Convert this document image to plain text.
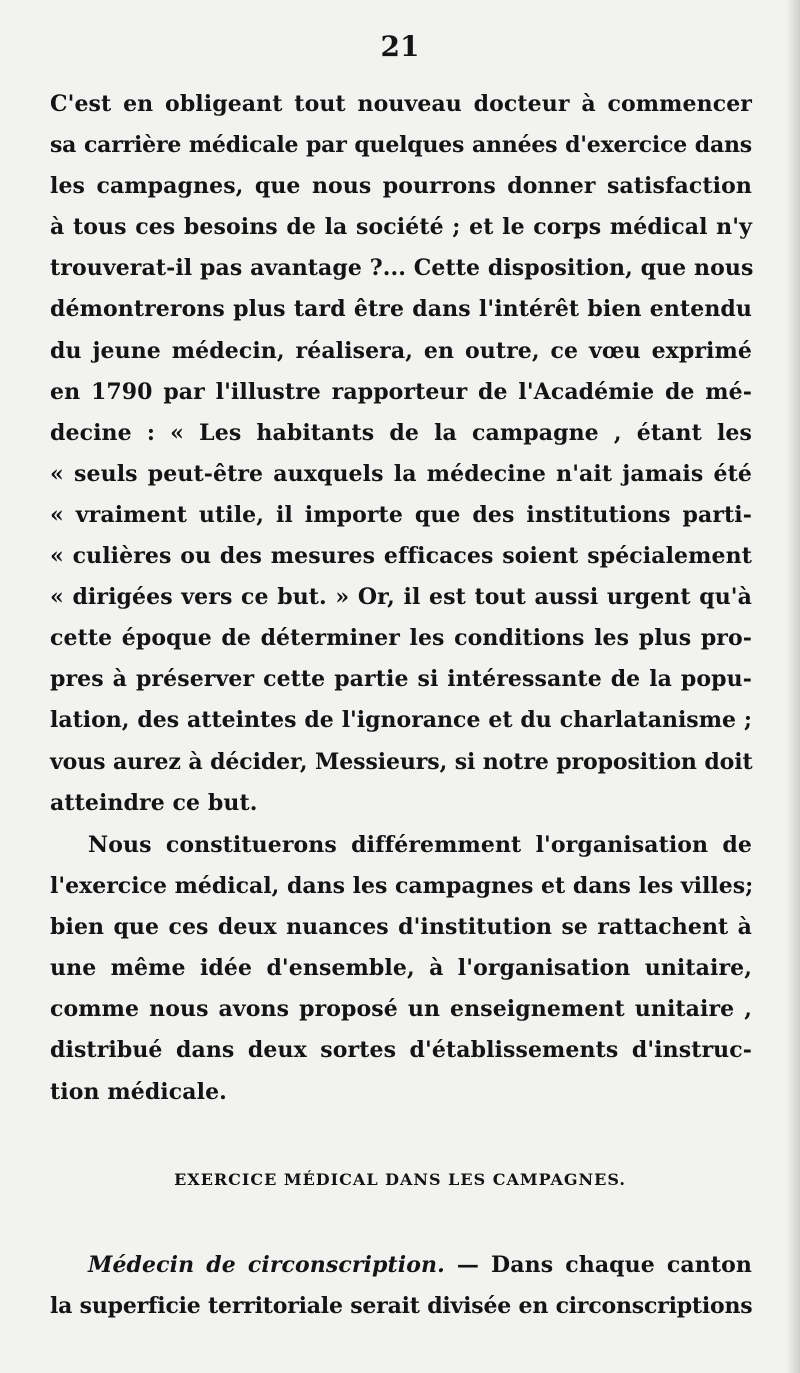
21
C'est en obligeant tout nouveau docteur à commencer
sa carrière médicale par quelques années d'exercice dans
les campagnes, que nous pourrons donner satisfaction
à tous ces besoins de la société ; et le corps médical n'y
trouverat-il pas avantage ?... Cette disposition, que nous
démontrerons plus tard être dans l'intérêt bien entendu
du jeune médecin, réalisera, en outre, ce vœu exprimé
en 1790 par l'illustre rapporteur de l'Académie de mé-
decine : « Les habitants de la campagne , étant les
« seuls peut-être auxquels la médecine n'ait jamais été
« vraiment utile, il importe que des institutions parti-
« culières ou des mesures efficaces soient spécialement
« dirigées vers ce but. » Or, il est tout aussi urgent qu'à
cette époque de déterminer les conditions les plus pro-
pres à préserver cette partie si intéressante de la popu-
lation, des atteintes de l'ignorance et du charlatanisme ;
vous aurez à décider, Messieurs, si notre proposition doit
atteindre ce but.
Nous constituerons différemment l'organisation de
l'exercice médical, dans les campagnes et dans les villes;
bien que ces deux nuances d'institution se rattachent à
une même idée d'ensemble, à l'organisation unitaire,
comme nous avons proposé un enseignement unitaire ,
distribué dans deux sortes d'établissements d'instruc-
tion médicale.
EXERCICE MÉDICAL DANS LES CAMPAGNES.
Médecin de circonscription. — Dans chaque canton
la superficie territoriale serait divisée en circonscriptions
